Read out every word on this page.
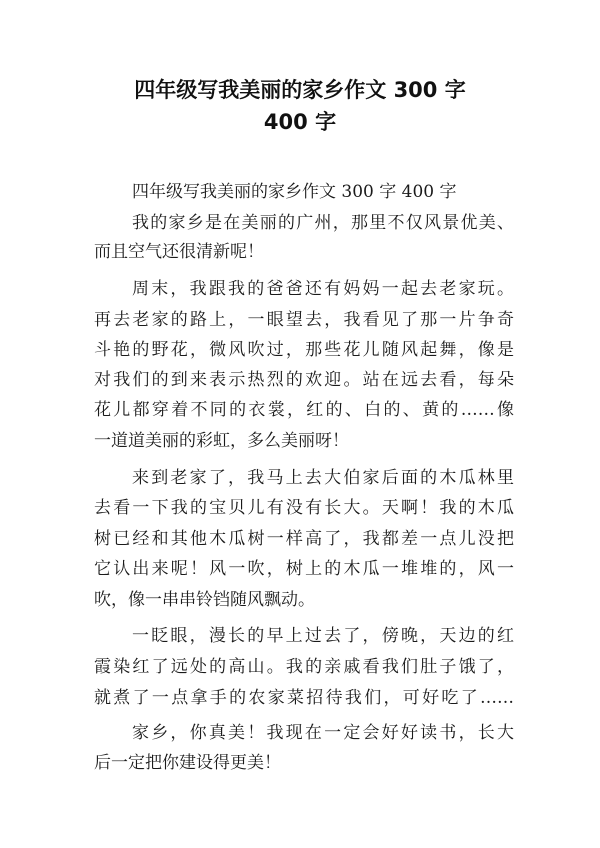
四年级写我美丽的家乡作文 300 字
400 字
四年级写我美丽的家乡作文 300 字 400 字
我的家乡是在美丽的广州，那里不仅风景优美、
而且空气还很清新呢！
周末，我跟我的爸爸还有妈妈一起去老家玩。
再去老家的路上，一眼望去，我看见了那一片争奇
斗艳的野花，微风吹过，那些花儿随风起舞，像是
对我们的到来表示热烈的欢迎。站在远去看，每朵
花儿都穿着不同的衣裳，红的、白的、黄的……像
一道道美丽的彩虹，多么美丽呀！
来到老家了，我马上去大伯家后面的木瓜林里
去看一下我的宝贝儿有没有长大。天啊！我的木瓜
树已经和其他木瓜树一样高了，我都差一点儿没把
它认出来呢！风一吹，树上的木瓜一堆堆的，风一
吹，像一串串铃铛随风飘动。
一眨眼，漫长的早上过去了，傍晚，天边的红
霞染红了远处的高山。我的亲戚看我们肚子饿了，
就煮了一点拿手的农家菜招待我们，可好吃了……
家乡，你真美！我现在一定会好好读书，长大
后一定把你建设得更美！
